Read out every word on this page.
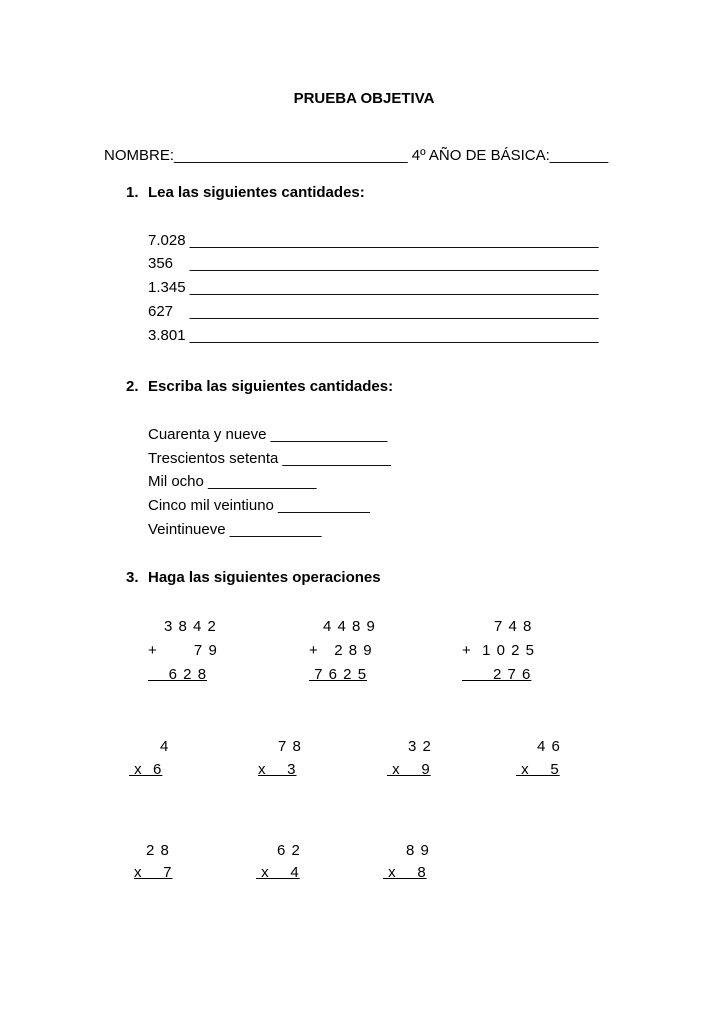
PRUEBA OBJETIVA
NOMBRE:____________________________ 4º AÑO DE BÁSICA:_______
1. Lea las siguientes cantidades:
7.028 _________________________________________________
356    _________________________________________________
1.345 _________________________________________________
627    _________________________________________________
3.801 _________________________________________________
2. Escriba las siguientes cantidades:
Cuarenta y nueve ______________
Trescientos setenta _____________
Mil ocho _____________
Cinco mil veintiuno ___________
Veintinueve ___________
3. Haga las siguientes operaciones
3 8 4 2
+       7 9
6 2 8
4 4 8 9
+   2 8 9
7 6 2 5
7 4 8
+  1 0 2 5
2 7 6
4
x  6
7 8
x    3
3 2
x    9
4 6
x    5
2 8
x    7
6 2
x    4
8 9
x    8
